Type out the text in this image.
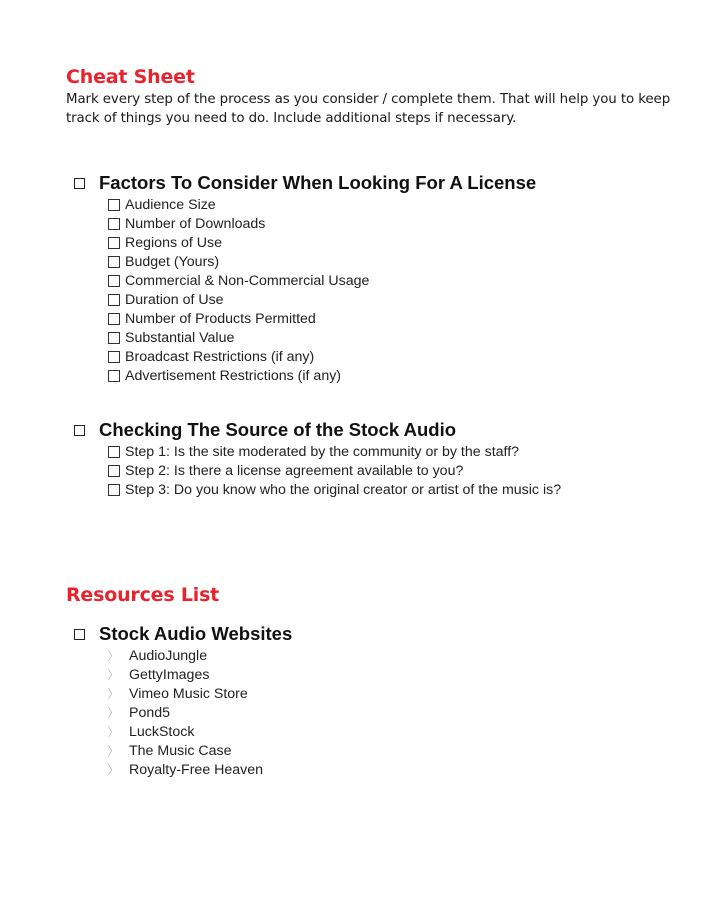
Cheat Sheet

Mark every step of the process as you consider / complete them. That will help you to keep track of things you need to do. Include additional steps if necessary.

Factors To Consider When Looking For A License
Audience Size
Number of Downloads
Regions of Use
Budget (Yours)
Commercial & Non-Commercial Usage
Duration of Use
Number of Products Permitted
Substantial Value
Broadcast Restrictions (if any)
Advertisement Restrictions (if any)
Checking The Source of the Stock Audio
Step 1: Is the site moderated by the community or by the staff?
Step 2: Is there a license agreement available to you?
Step 3: Do you know who the original creator or artist of the music is?
Resources List
Stock Audio Websites
〉 AudioJungle
〉 GettyImages
〉 Vimeo Music Store
〉 Pond5
〉 LuckStock
〉 The Music Case
〉 Royalty-Free Heaven
